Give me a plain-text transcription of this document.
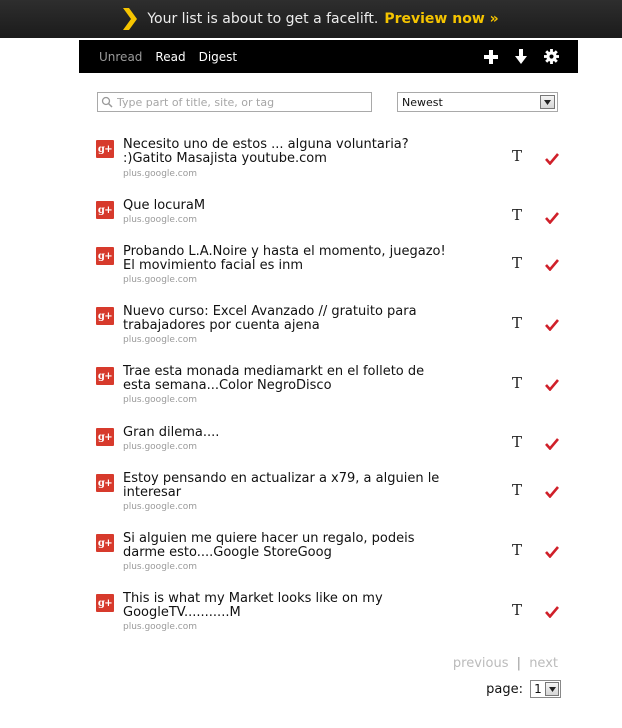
Your list is about to get a facelift. Preview now »
Unread Read Digest
Type part of title, site, or tag
Newest
g+ Necesito uno de estos ... alguna voluntaria? :)Gatito Masajista youtube.com
plus.google.com
T
g+ Que locuraM
plus.google.com	T
g+ Probando L.A.Noire y hasta el momento, juegazo! El movimiento facial es inm
plus.google.com
T
g+ Nuevo curso: Excel Avanzado // gratuito para trabajadores por cuenta ajena
plus.google.com
T
g+ Trae esta monada mediamarkt en el folleto de esta semana...Color NegroDisco
plus.google.com
T
g+ Gran dilema....
plus.google.com	T
g+ Estoy pensando en actualizar a x79, a alguien le interesar
plus.google.com
T
g+ Si alguien me quiere hacer un regalo, podeis darme esto....Google StoreGoog
plus.google.com
T
g+ This is what my Market looks like on my GoogleTV...........M
plus.google.com
T
previous | next
page: 1
